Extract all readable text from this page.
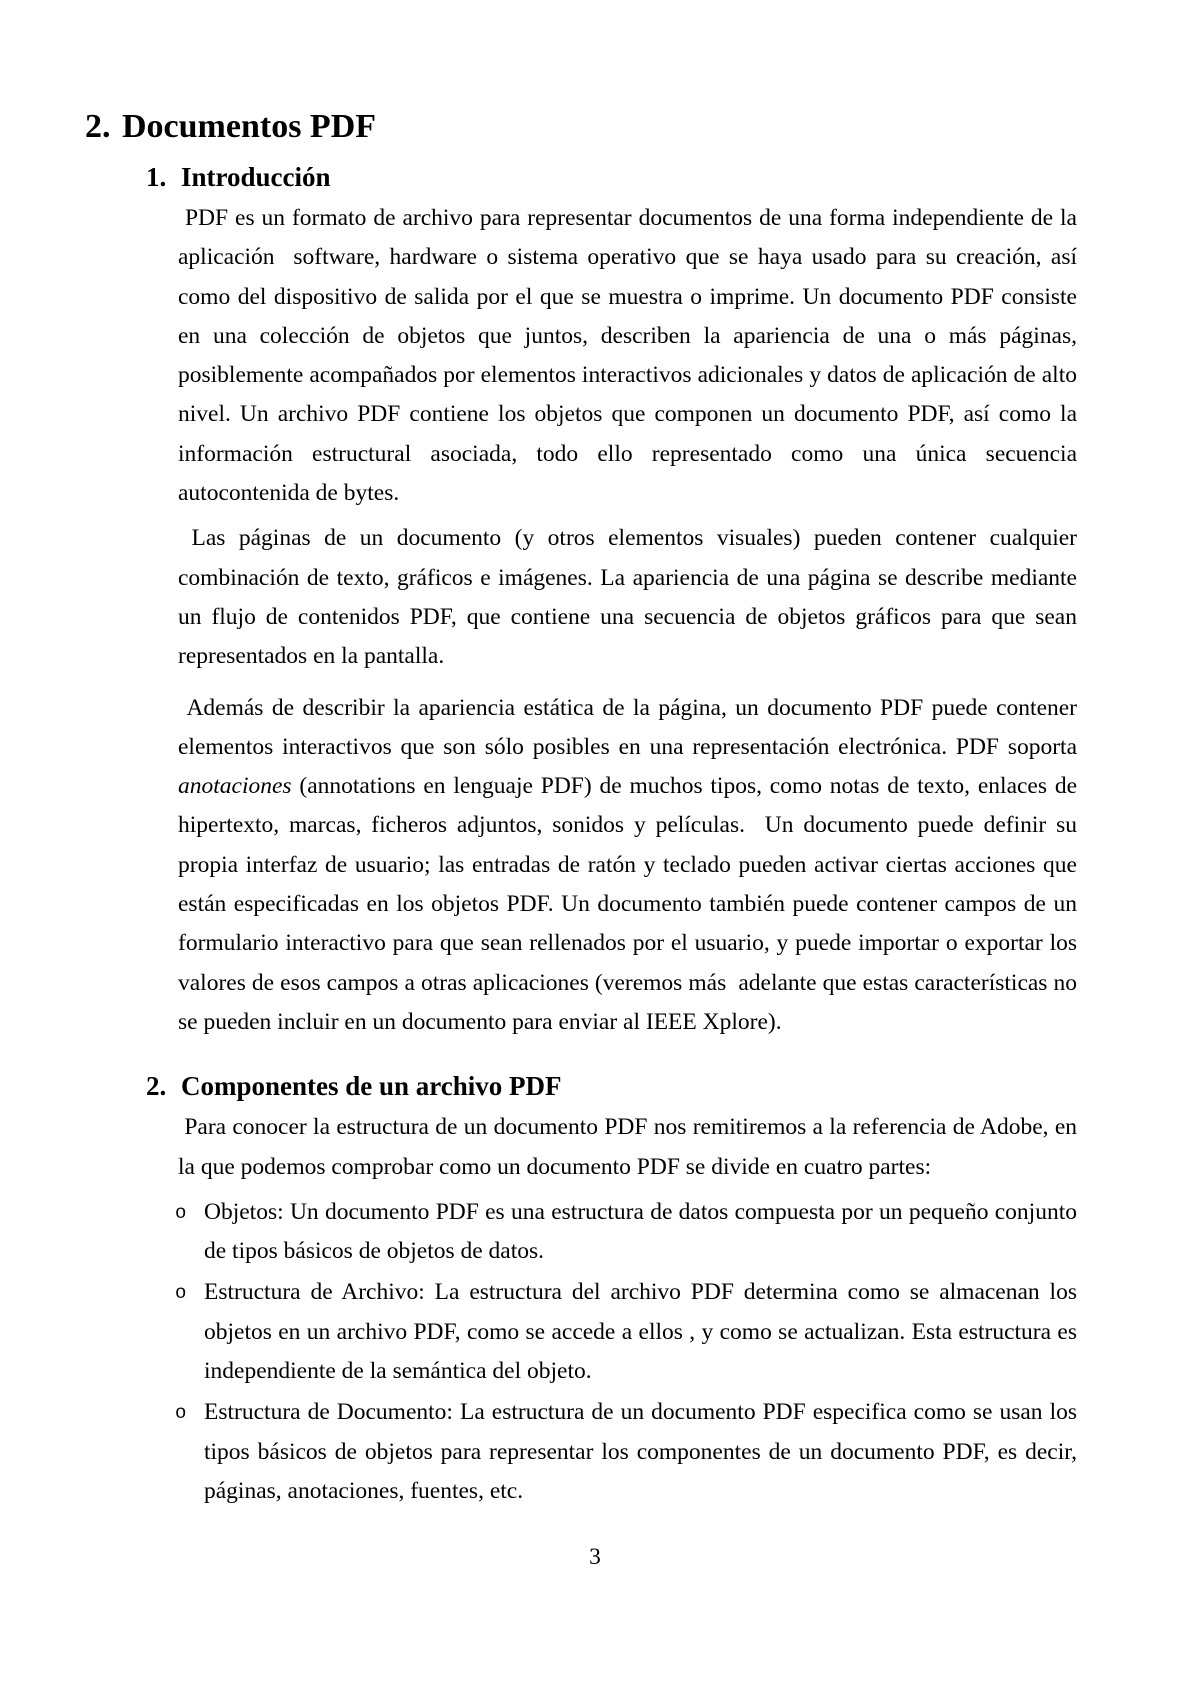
2. Documentos PDF
1. Introducción

PDF es un formato de archivo para representar documentos de una forma independiente de la aplicación  software, hardware o sistema operativo que se haya usado para su creación, así como del dispositivo de salida por el que se muestra o imprime. Un documento PDF consiste en una colección de objetos que juntos, describen la apariencia de una o más páginas, posiblemente acompañados por elementos interactivos adicionales y datos de aplicación de alto nivel. Un archivo PDF contiene los objetos que componen un documento PDF, así como la información estructural asociada, todo ello representado como una única secuencia autocontenida de bytes.

Las páginas de un documento (y otros elementos visuales) pueden contener cualquier combinación de texto, gráficos e imágenes. La apariencia de una página se describe mediante un flujo de contenidos PDF, que contiene una secuencia de objetos gráficos para que sean representados en la pantalla.

Además de describir la apariencia estática de la página, un documento PDF puede contener elementos interactivos que son sólo posibles en una representación electrónica. PDF soporta anotaciones (annotations en lenguaje PDF) de muchos tipos, como notas de texto, enlaces de hipertexto, marcas, ficheros adjuntos, sonidos y películas.  Un documento puede definir su propia interfaz de usuario; las entradas de ratón y teclado pueden activar ciertas acciones que están especificadas en los objetos PDF. Un documento también puede contener campos de un formulario interactivo para que sean rellenados por el usuario, y puede importar o exportar los valores de esos campos a otras aplicaciones (veremos más  adelante que estas características no se pueden incluir en un documento para enviar al IEEE Xplore).

2. Componentes de un archivo PDF

Para conocer la estructura de un documento PDF nos remitiremos a la referencia de Adobe, en la que podemos comprobar como un documento PDF se divide en cuatro partes:

o Objetos: Un documento PDF es una estructura de datos compuesta por un pequeño conjunto de tipos básicos de objetos de datos.
o Estructura de Archivo: La estructura del archivo PDF determina como se almacenan los objetos en un archivo PDF, como se accede a ellos , y como se actualizan. Esta estructura es independiente de la semántica del objeto.
o Estructura de Documento: La estructura de un documento PDF especifica como se usan los tipos básicos de objetos para representar los componentes de un documento PDF, es decir, páginas, anotaciones, fuentes, etc.
3
